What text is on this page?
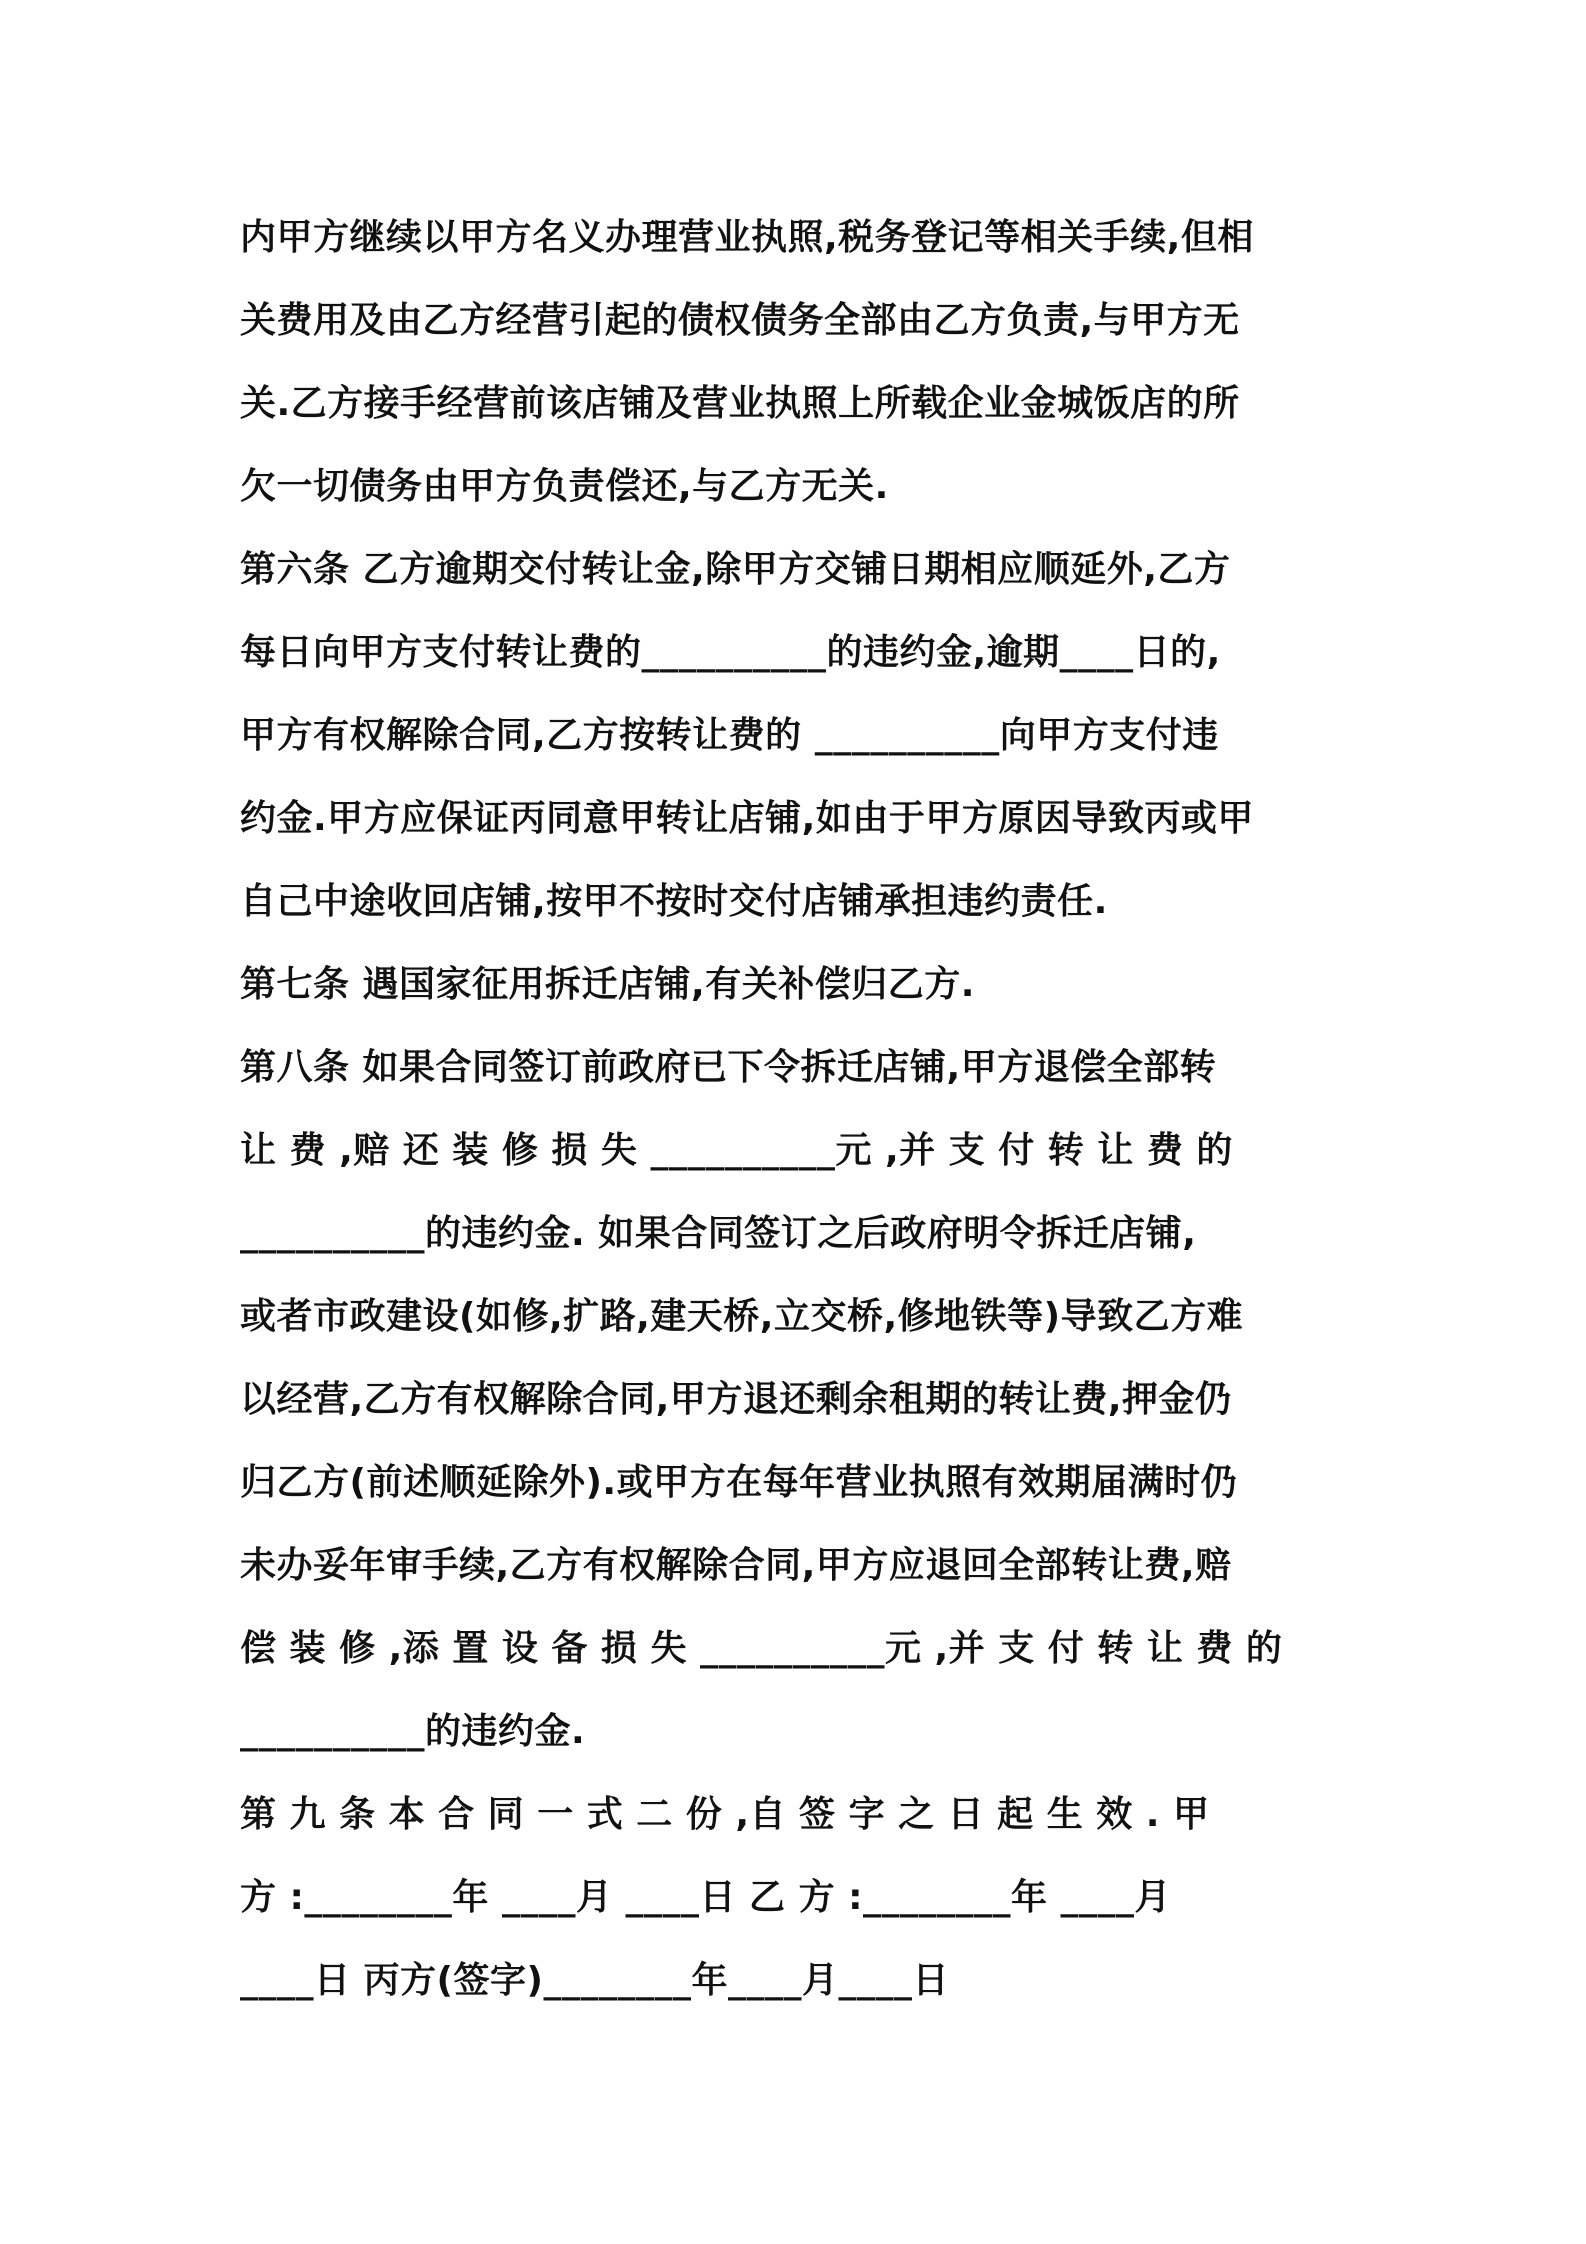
内甲方继续以甲方名义办理营业执照,税务登记等相关手续,但相
关费用及由乙方经营引起的债权债务全部由乙方负责,与甲方无
关.乙方接手经营前该店铺及营业执照上所载企业金城饭店的所
欠一切债务由甲方负责偿还,与乙方无关.
第六条 乙方逾期交付转让金,除甲方交铺日期相应顺延外,乙方
每日向甲方支付转让费的__________的违约金,逾期____日的,
甲方有权解除合同,乙方按转让费的 __________向甲方支付违
约金.甲方应保证丙同意甲转让店铺,如由于甲方原因导致丙或甲
自己中途收回店铺,按甲不按时交付店铺承担违约责任.
第七条 遇国家征用拆迁店铺,有关补偿归乙方.
第八条 如果合同签订前政府已下令拆迁店铺,甲方退偿全部转
让 费 ,赔 还 装 修 损 失 __________元 ,并 支 付 转 让 费 的
__________的违约金. 如果合同签订之后政府明令拆迁店铺,
或者市政建设(如修,扩路,建天桥,立交桥,修地铁等)导致乙方难
以经营,乙方有权解除合同,甲方退还剩余租期的转让费,押金仍
归乙方(前述顺延除外).或甲方在每年营业执照有效期届满时仍
未办妥年审手续,乙方有权解除合同,甲方应退回全部转让费,赔
偿 装 修 ,添 置 设 备 损 失 __________元 ,并 支 付 转 让 费 的
__________的违约金.
第 九 条 本 合 同 一 式 二 份 ,自 签 字 之 日 起 生 效 . 甲
方 :________年 ____月 ____日 乙 方 :________年 ____月
____日 丙方(签字)________年____月____日
